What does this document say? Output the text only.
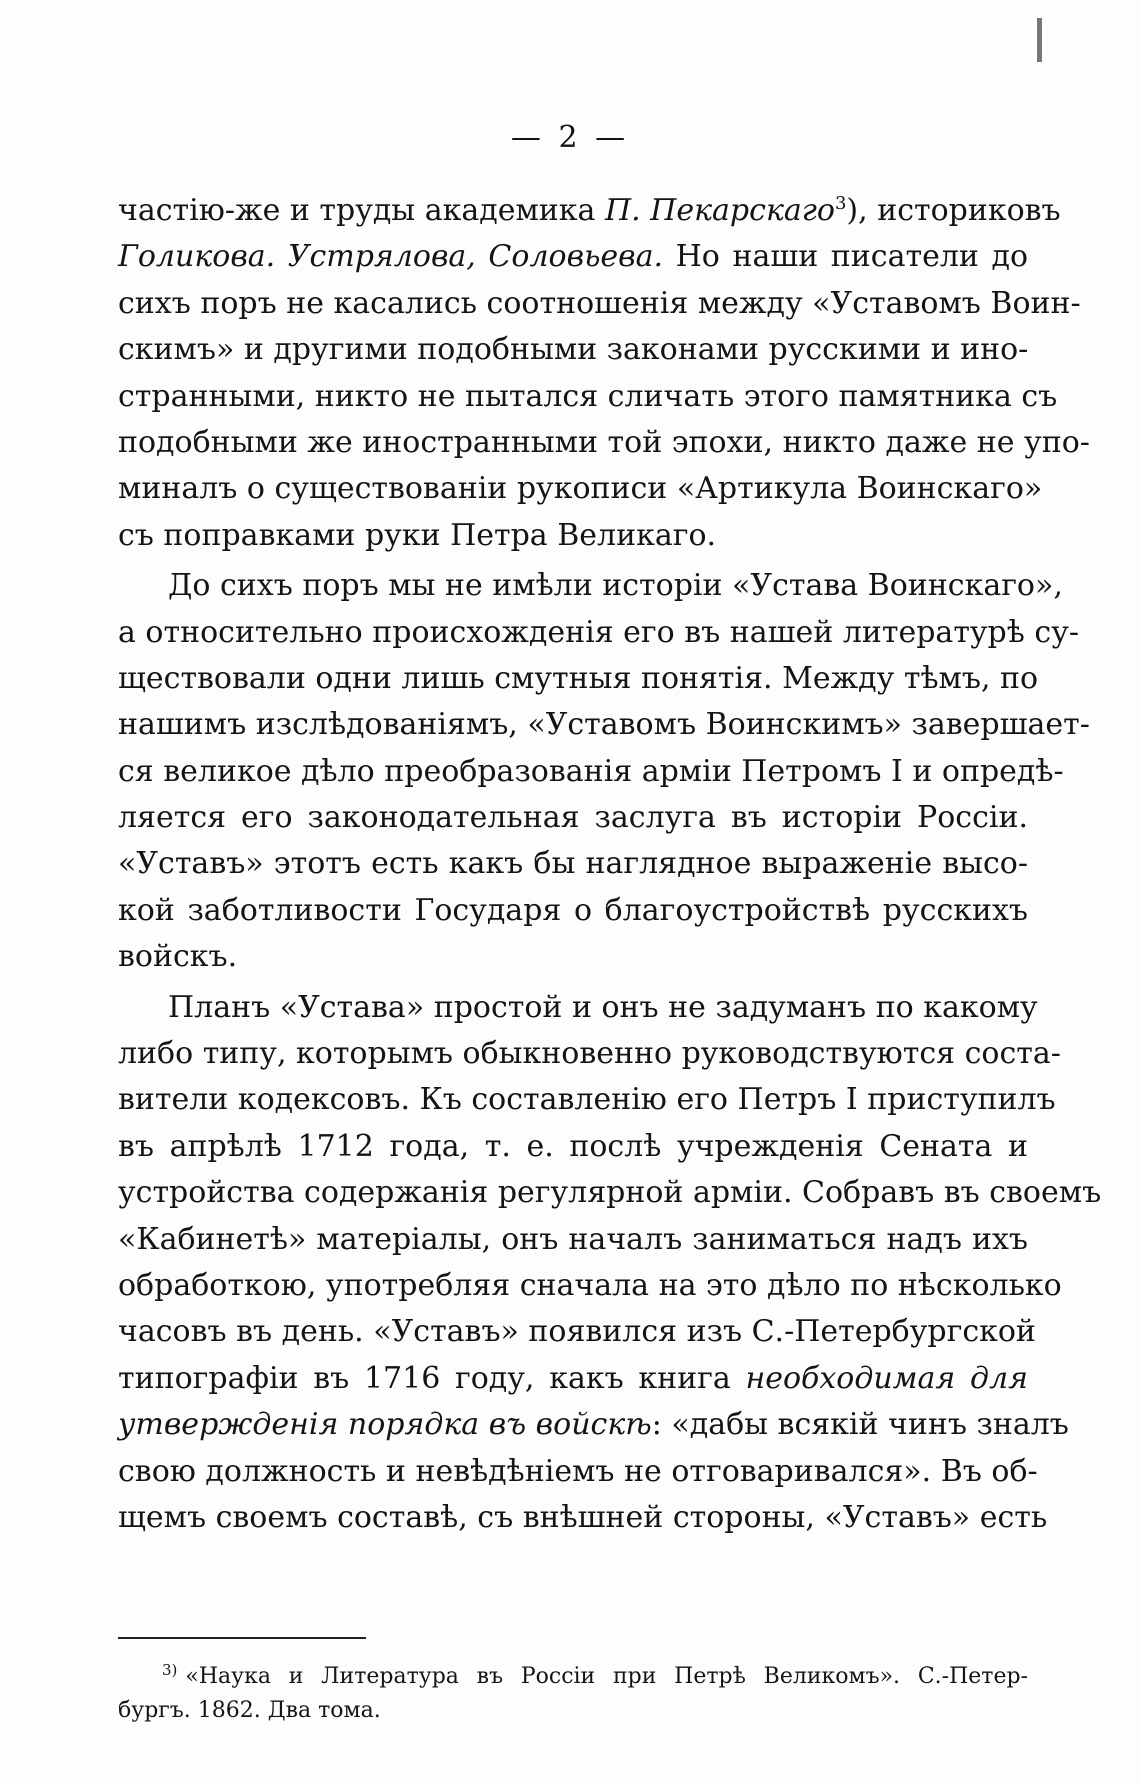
— 2 —
частію-же и труды академика П. Пекарскаго$^3$), историковъ
Голикова. Устрялова, Соловьева. Но наши писатели до
сихъ поръ не касались соотношенія между «Уставомъ Воин-
скимъ» и другими подобными законами русскими и ино-
странными, никто не пытался сличать этого памятника съ
подобными же иностранными той эпохи, никто даже не упо-
миналъ о существованіи рукописи «Артикула Воинскаго»
съ поправками руки Петра Великаго.
До сихъ поръ мы не имѣли исторіи «Устава Воинскаго»,
а относительно происхожденія его въ нашей литературѣ су-
ществовали одни лишь смутныя понятія. Между тѣмъ, по
нашимъ изслѣдованіямъ, «Уставомъ Воинскимъ» завершает-
ся великое дѣло преобразованія арміи Петромъ I и опредѣ-
ляется его законодательная заслуга въ исторіи Россіи.
«Уставъ» этотъ есть какъ бы наглядное выраженіе высо-
кой заботливости Государя о благоустройствѣ русскихъ
войскъ.
Планъ «Устава» простой и онъ не задуманъ по какому
либо типу, которымъ обыкновенно руководствуются соста-
вители кодексовъ. Къ составленію его Петръ I приступилъ
въ апрѣлѣ 1712 года, т. е. послѣ учрежденія Сената и
устройства содержанія регулярной арміи. Собравъ въ своемъ
«Кабинетѣ» матеріалы, онъ началъ заниматься надъ ихъ
обработкою, употребляя сначала на это дѣло по нѣсколько
часовъ въ день. «Уставъ» появился изъ С.-Петербургской
типографіи въ 1716 году, какъ книга необходимая для
утвержденія порядка въ войскѣ: «дабы всякій чинъ зналъ
свою должность и невѣдѣніемъ не отговаривался». Въ об-
щемъ своемъ составѣ, съ внѣшней стороны, «Уставъ» есть
$^{3)}$ «Наука и Литература въ Россіи при Петрѣ Великомъ». С.-Петер-
бургъ. 1862. Два тома.
